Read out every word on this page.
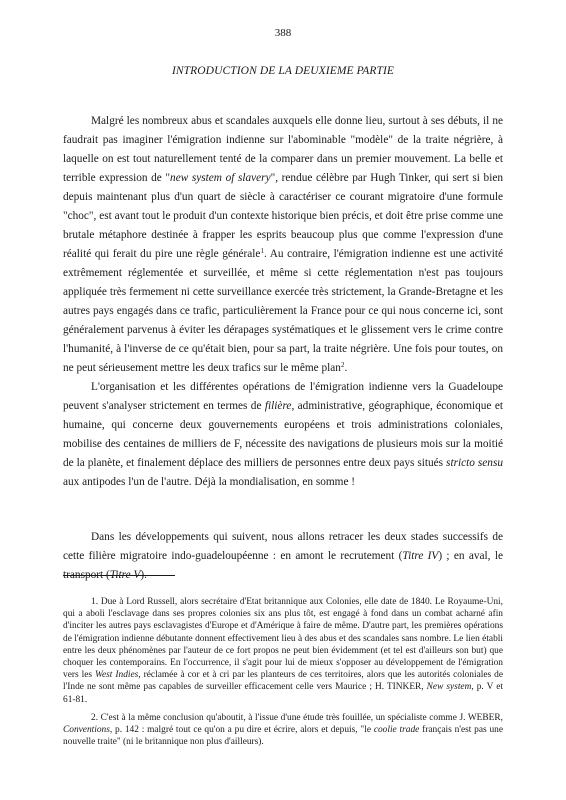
388
INTRODUCTION DE LA DEUXIEME PARTIE

Malgré les nombreux abus et scandales auxquels elle donne lieu, surtout à ses débuts, il ne faudrait pas imaginer l'émigration indienne sur l'abominable "modèle" de la traite négrière, à laquelle on est tout naturellement tenté de la comparer dans un premier mouvement. La belle et terrible expression de "new system of slavery", rendue célèbre par Hugh Tinker, qui sert si bien depuis maintenant plus d'un quart de siècle à caractériser ce courant migratoire d'une formule "choc", est avant tout le produit d'un contexte historique bien précis, et doit être prise comme une brutale métaphore destinée à frapper les esprits beaucoup plus que comme l'expression d'une réalité qui ferait du pire une règle générale$^1$. Au contraire, l'émigration indienne est une activité extrêmement réglementée et surveillée, et même si cette réglementation n'est pas toujours appliquée très fermement ni cette surveillance exercée très strictement, la Grande-Bretagne et les autres pays engagés dans ce trafic, particulièrement la France pour ce qui nous concerne ici, sont généralement parvenus à éviter les dérapages systématiques et le glissement vers le crime contre l'humanité, à l'inverse de ce qu'était bien, pour sa part, la traite négrière. Une fois pour toutes, on ne peut sérieusement mettre les deux trafics sur le même plan$^2$.

L'organisation et les différentes opérations de l'émigration indienne vers la Guadeloupe peuvent s'analyser strictement en termes de filière, administrative, géographique, économique et humaine, qui concerne deux gouvernements européens et trois administrations coloniales, mobilise des centaines de milliers de F, nécessite des navigations de plusieurs mois sur la moitié de la planète, et finalement déplace des milliers de personnes entre deux pays situés stricto sensu aux antipodes l'un de l'autre. Déjà la mondialisation, en somme !

Dans les développements qui suivent, nous allons retracer les deux stades successifs de cette filière migratoire indo-guadeloupéenne : en amont le recrutement (Titre IV) ; en aval, le transport (Titre V).

1. Due à Lord Russell, alors secrétaire d'Etat britannique aux Colonies, elle date de 1840. Le Royaume-Uni, qui a aboli l'esclavage dans ses propres colonies six ans plus tôt, est engagé à fond dans un combat acharné afin d'inciter les autres pays esclavagistes d'Europe et d'Amérique à faire de même. D'autre part, les premières opérations de l'émigration indienne débutante donnent effectivement lieu à des abus et des scandales sans nombre. Le lien établi entre les deux phénomènes par l'auteur de ce fort propos ne peut bien évidemment (et tel est d'ailleurs son but) que choquer les contemporains. En l'occurrence, il s'agit pour lui de mieux s'opposer au développement de l'émigration vers les West Indies, réclamée à cor et à cri par les planteurs de ces territoires, alors que les autorités coloniales de l'Inde ne sont même pas capables de surveiller efficacement celle vers Maurice ; H. TINKER, New system, p. V et 61-81.

2. C'est à la même conclusion qu'aboutit, à l'issue d'une étude très fouillée, un spécialiste comme J. WEBER, Conventions, p. 142 : malgré tout ce qu'on a pu dire et écrire, alors et depuis, "le coolie trade français n'est pas une nouvelle traite" (ni le britannique non plus d'ailleurs).
